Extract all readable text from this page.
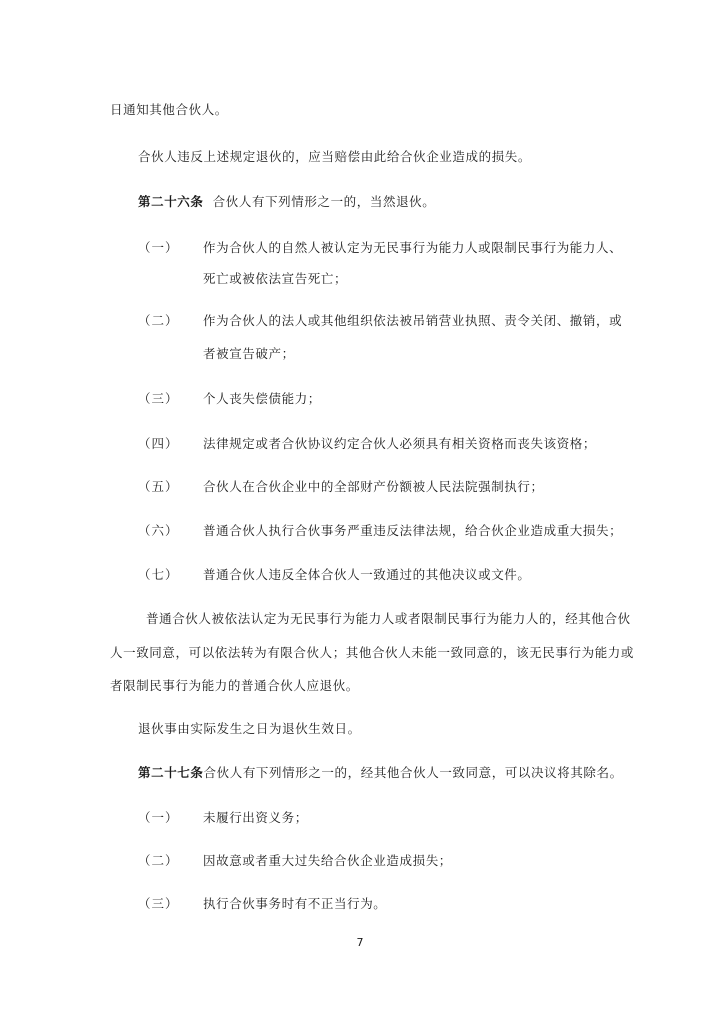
日通知其他合伙人。
合伙人违反上述规定退伙的，应当赔偿由此给合伙企业造成的损失。
第二十六条 合伙人有下列情形之一的，当然退伙。
（一） 作为合伙人的自然人被认定为无民事行为能力人或限制民事行为能力人、
死亡或被依法宣告死亡；
（二） 作为合伙人的法人或其他组织依法被吊销营业执照、责令关闭、撤销，或
者被宣告破产；
（三） 个人丧失偿债能力；
（四） 法律规定或者合伙协议约定合伙人必须具有相关资格而丧失该资格；
（五） 合伙人在合伙企业中的全部财产份额被人民法院强制执行；
（六） 普通合伙人执行合伙事务严重违反法律法规，给合伙企业造成重大损失；
（七） 普通合伙人违反全体合伙人一致通过的其他决议或文件。
普通合伙人被依法认定为无民事行为能力人或者限制民事行为能力人的，经其他合伙
人一致同意，可以依法转为有限合伙人；其他合伙人未能一致同意的，该无民事行为能力或
者限制民事行为能力的普通合伙人应退伙。
退伙事由实际发生之日为退伙生效日。
第二十七条合伙人有下列情形之一的，经其他合伙人一致同意，可以决议将其除名。
（一） 未履行出资义务；
（二） 因故意或者重大过失给合伙企业造成损失；
（三） 执行合伙事务时有不正当行为。
7
